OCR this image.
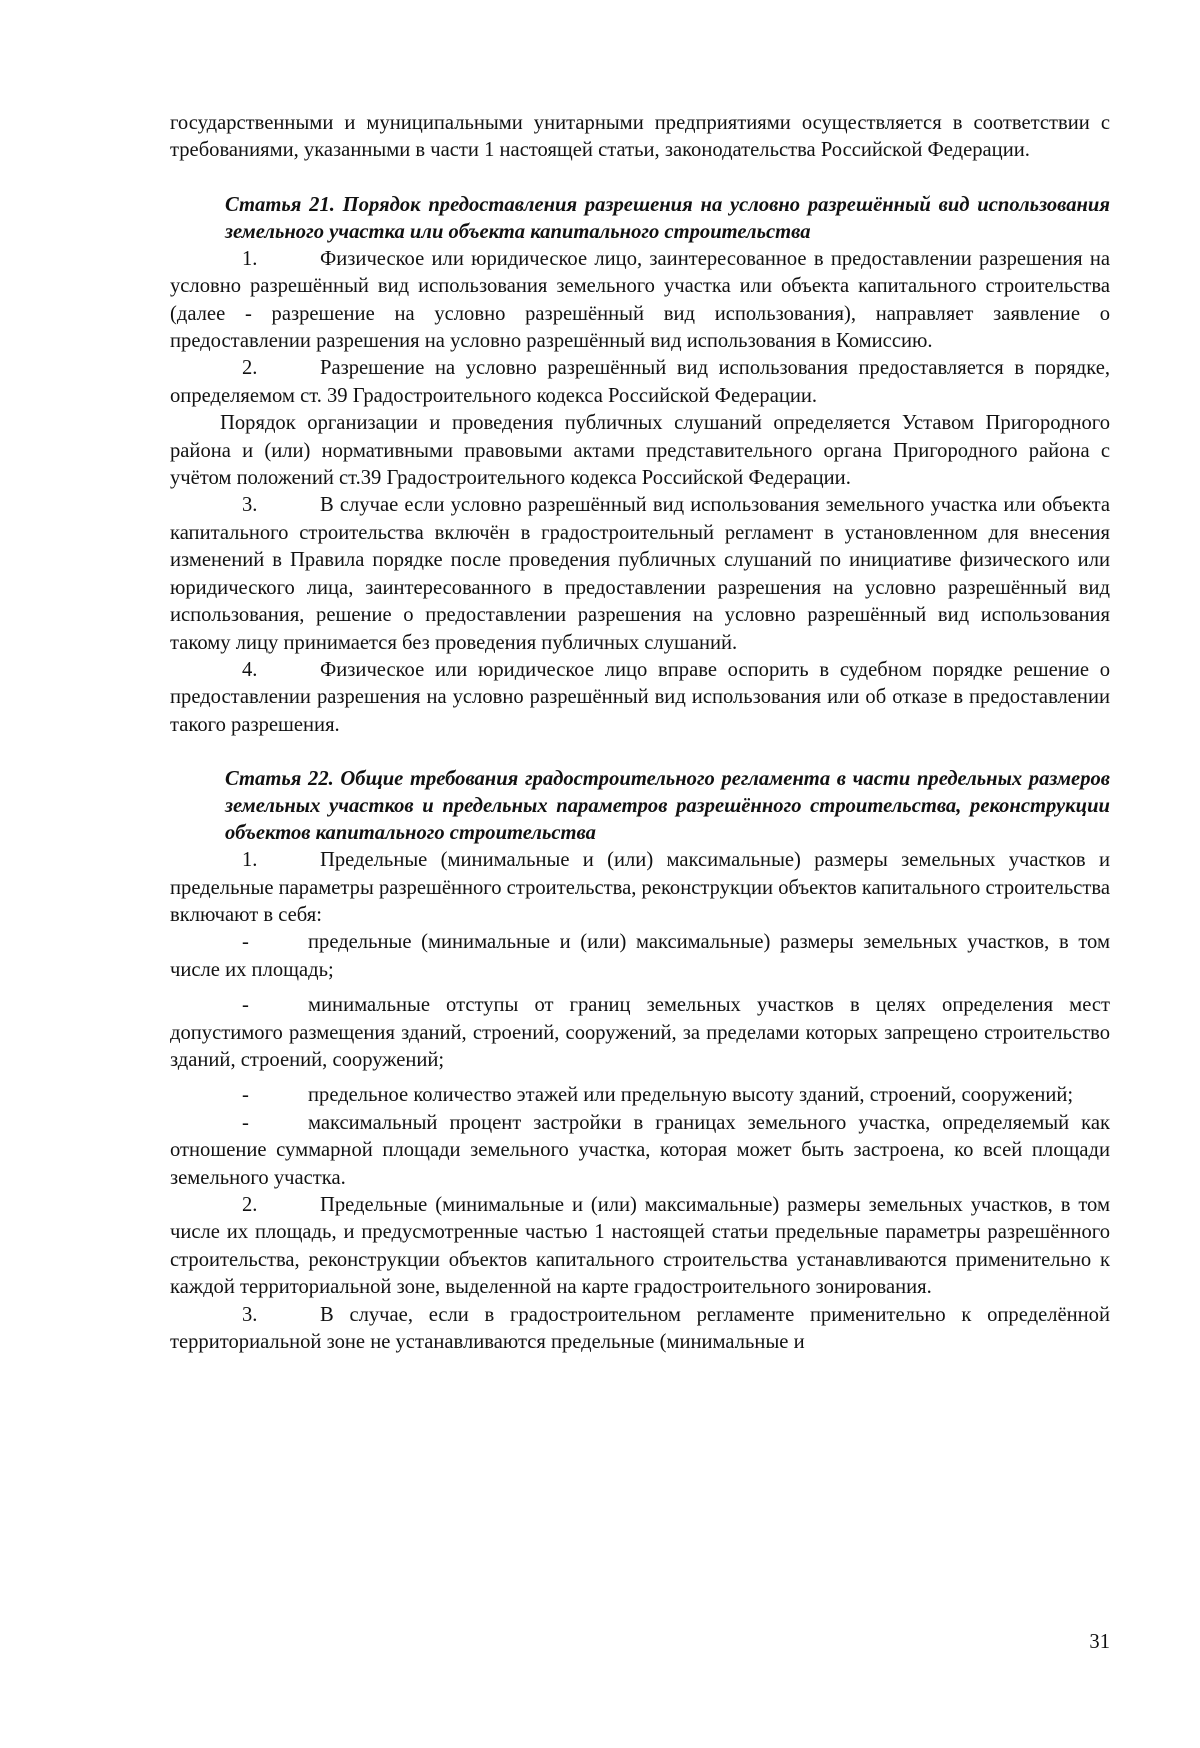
государственными и муниципальными унитарными предприятиями осуществляется в соответствии с требованиями, указанными в части 1 настоящей статьи, законодательства Российской Федерации.

Статья 21. Порядок предоставления разрешения на условно разрешённый вид использования земельного участка или объекта капитального строительства

1.	Физическое или юридическое лицо, заинтересованное в предоставлении разрешения на условно разрешённый вид использования земельного участка или объекта капитального строительства (далее - разрешение на условно разрешённый вид использования), направляет заявление о предоставлении разрешения на условно разрешённый вид использования в Комиссию.

2.	Разрешение на условно разрешённый вид использования предоставляется в порядке, определяемом ст. 39 Градостроительного кодекса Российской Федерации.

Порядок организации и проведения публичных слушаний определяется Уставом Пригородного района и (или) нормативными правовыми актами представительного органа Пригородного района с учётом положений ст.39 Градостроительного кодекса Российской Федерации.

3.	В случае если условно разрешённый вид использования земельного участка или объекта капитального строительства включён в градостроительный регламент в установленном для внесения изменений в Правила порядке после проведения публичных слушаний по инициативе физического или юридического лица, заинтересованного в предоставлении разрешения на условно разрешённый вид использования, решение о предоставлении разрешения на условно разрешённый вид использования такому лицу принимается без проведения публичных слушаний.

4.	Физическое или юридическое лицо вправе оспорить в судебном порядке решение о предоставлении разрешения на условно разрешённый вид использования или об отказе в предоставлении такого разрешения.

Статья 22. Общие требования градостроительного регламента в части предельных размеров земельных участков и предельных параметров разрешённого строительства, реконструкции объектов капитального строительства

1.	Предельные (минимальные и (или) максимальные) размеры земельных участков и предельные параметры разрешённого строительства, реконструкции объектов капитального строительства включают в себя:

-	предельные (минимальные и (или) максимальные) размеры земельных участков, в том числе их площадь;

-	минимальные отступы от границ земельных участков в целях определения мест допустимого размещения зданий, строений, сооружений, за пределами которых запрещено строительство зданий, строений, сооружений;

-	предельное количество этажей или предельную высоту зданий, строений, сооружений;

-	максимальный процент застройки в границах земельного участка, определяемый как отношение суммарной площади земельного участка, которая может быть застроена, ко всей площади земельного участка.

2.	Предельные (минимальные и (или) максимальные) размеры земельных участков, в том числе их площадь, и предусмотренные частью 1 настоящей статьи предельные параметры разрешённого строительства, реконструкции объектов капитального строительства устанавливаются применительно к каждой территориальной зоне, выделенной на карте градостроительного зонирования.

3.	В случае, если в градостроительном регламенте применительно к определённой территориальной зоне не устанавливаются предельные (минимальные и

31
